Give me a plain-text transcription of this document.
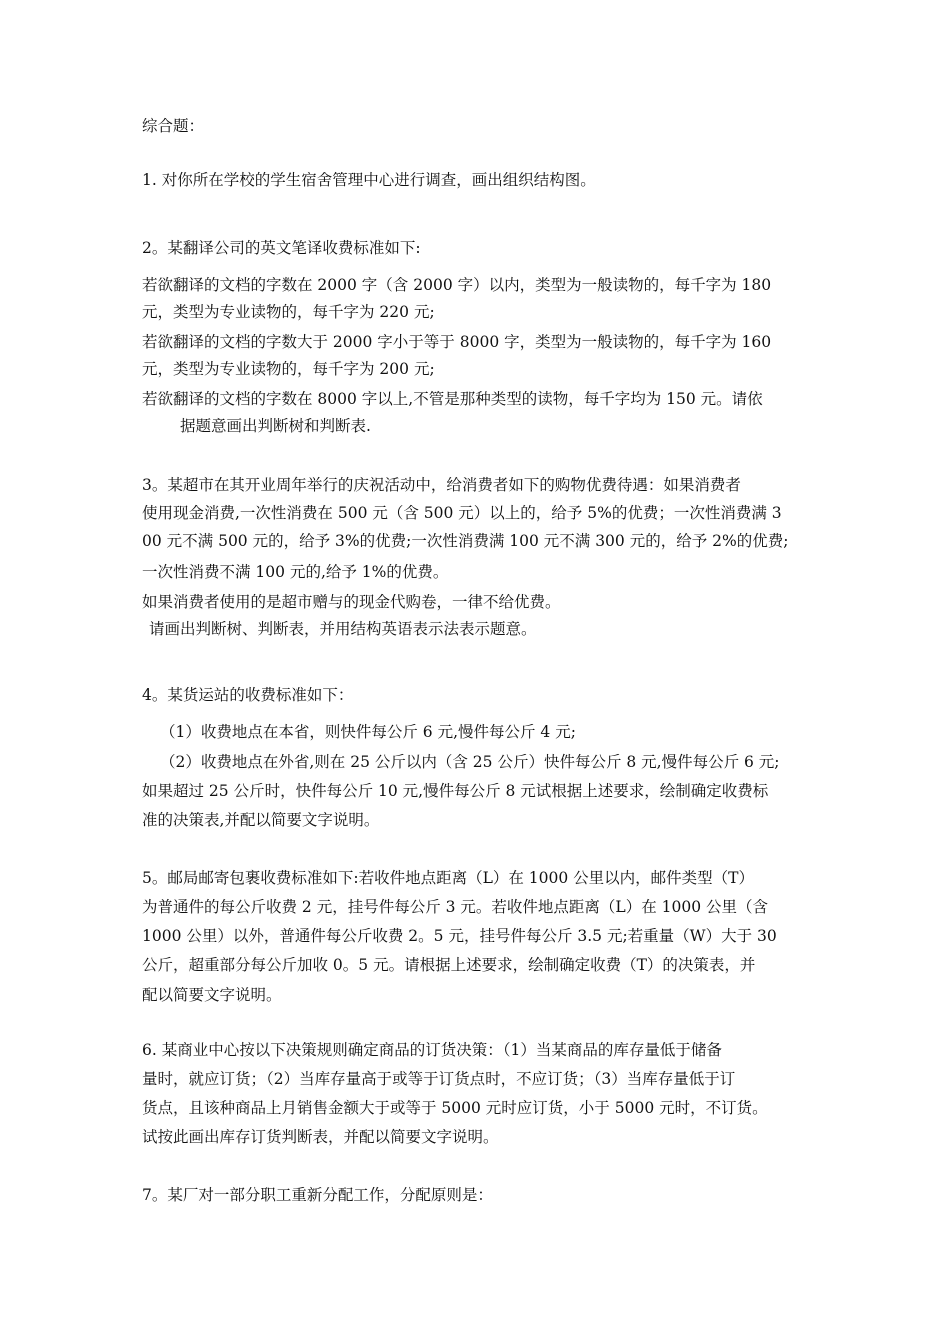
综合题：
1. 对你所在学校的学生宿舍管理中心进行调查，画出组织结构图。
2。某翻译公司的英文笔译收费标准如下:
若欲翻译的文档的字数在 2000 字（含 2000 字）以内，类型为一般读物的，每千字为 180
元，类型为专业读物的，每千字为 220 元;
若欲翻译的文档的字数大于 2000 字小于等于 8000 字，类型为一般读物的，每千字为 160
元，类型为专业读物的，每千字为 200 元;
若欲翻译的文档的字数在 8000 字以上,不管是那种类型的读物，每千字均为 150 元。请依
据题意画出判断树和判断表.
3。某超市在其开业周年举行的庆祝活动中，给消费者如下的购物优费待遇：如果消费者
使用现金消费,一次性消费在 500 元（含 500 元）以上的，给予 5%的优费；一次性消费满 3
00 元不满 500 元的，给予 3%的优费;一次性消费满 100 元不满 300 元的，给予 2%的优费;
一次性消费不满 100 元的,给予 1%的优费。
如果消费者使用的是超市赠与的现金代购卷，一律不给优费。
请画出判断树、判断表，并用结构英语表示法表示题意。
4。某货运站的收费标准如下：
（1）收费地点在本省，则快件每公斤 6 元,慢件每公斤 4 元;
（2）收费地点在外省,则在 25 公斤以内（含 25 公斤）快件每公斤 8 元,慢件每公斤 6 元;
如果超过 25 公斤时，快件每公斤 10 元,慢件每公斤 8 元试根据上述要求，绘制确定收费标
准的决策表,并配以简要文字说明。
5。邮局邮寄包裹收费标准如下:若收件地点距离（L）在 1000 公里以内，邮件类型（T）
为普通件的每公斤收费 2 元，挂号件每公斤 3 元。若收件地点距离（L）在 1000 公里（含
1000 公里）以外，普通件每公斤收费 2。5 元，挂号件每公斤 3.5 元;若重量（W）大于 30
公斤，超重部分每公斤加收 0。5 元。请根据上述要求，绘制确定收费（T）的决策表，并
配以简要文字说明。
6. 某商业中心按以下决策规则确定商品的订货决策：（1）当某商品的库存量低于储备
量时，就应订货；（2）当库存量高于或等于订货点时，不应订货；（3）当库存量低于订
货点，且该种商品上月销售金额大于或等于 5000 元时应订货，小于 5000 元时，不订货。
试按此画出库存订货判断表，并配以简要文字说明。
7。某厂对一部分职工重新分配工作，分配原则是：
